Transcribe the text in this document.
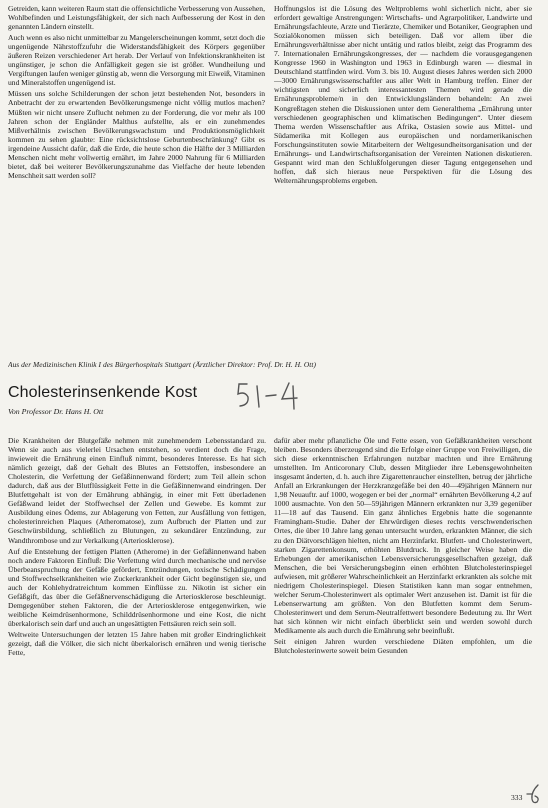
Getreiden, kann weiteren Raum statt die offensichtliche Verbesserung von Aussehen, Wohlbefinden und Leistungsfähigkeit, der sich nach Aufbesserung der Kost in den genannten Ländern einstellt.

Auch wenn es also nicht unmittelbar zu Mangelerscheinungen kommt, setzt doch die ungenügende Nährstoffzufuhr die Widerstandsfähigkeit des Körpers gegenüber äußeren Reizen verschiedener Art herab. Der Verlauf von Infektionskrankheiten ist ungünstiger, je schon die Anfälligkeit gegen sie ist größer. Wundheilung und Vergiftungen laufen weniger günstig ab, wenn die Versorgung mit Eiweiß, Vitaminen und Mineralstoffen ungenügend ist.

Müssen uns solche Schilderungen der schon jetzt bestehenden Not, besonders in Anbetracht der zu erwartenden Bevölkerungsmenge nicht völlig mutlos machen? Müßten wir nicht unsere Zuflucht nehmen zu der Forderung, die vor mehr als 100 Jahren schon der Engländer Malthus aufstellte, als er ein zunehmendes Mißverhältnis zwischen Bevölkerungswachstum und Produktionsmöglichkeit kommen zu sehen glaubte: Eine rücksichtslose Geburtenbeschränkung? Gibt es irgendeine Aussicht dafür, daß die Erde, die heute schon die Hälfte der 3 Milliarden Menschen nicht mehr vollwertig ernährt, im Jahre 2000 Nahrung für 6 Milliarden bietet, daß bei weiterer Bevölkerungszunahme das Vielfache der heute lebenden Menschheit satt werden soll?

Hoffnungslos ist die Lösung des Weltproblems wohl sicherlich nicht, aber sie erfordert gewaltige Anstrengungen: Wirtschafts- und Agrarpolitiker, Landwirte und Ernährungsfachleute, Arzte und Tierärzte, Chemiker und Botaniker, Geographen und Sozialökonomen müssen sich beteiligen. Daß vor allem über die Ernährungsverhältnisse aber nicht untätig und ratlos bleibt, zeigt das Programm des 7. Internationalen Ernährungskongresses, der — nachdem die vorausgegangenen Kongresse 1960 in Washington und 1963 in Edinburgh waren — diesmal in Deutschland stattfinden wird. Vom 3. bis 10. August dieses Jahres werden sich 2000—3000 Ernährungswissenschaftler aus aller Welt in Hamburg treffen. Einer der wichtigsten und sicherlich interessantesten Themen wird gerade die Ernährungsprobleme/n in den Entwicklungsländern behandeln: An zwei Kongreßtagen stehen die Diskussionen unter dem Generalthema „Ernährung unter verschiedenen geographischen und klimatischen Bedingungen“. Unter diesem Thema werden Wissenschaftler aus Afrika, Ostasien sowie aus Mittel- und Südamerika mit Kollegen aus europäischen und nordamerikanischen Forschungsinstituten sowie Mitarbeitern der Weltgesundheitsorganisation und der Ernährungs- und Landwirtschaftsorganisation der Vereinten Nationen diskutieren. Gespannt wird man den Schlußfolgerungen dieser Tagung entgegensehen und hoffen, daß sich hieraus neue Perspektiven für die Lösung des Welternährungsproblems ergeben.

Aus der Medizinischen Klinik I des Bürgerhospitals Stuttgart (Ärztlicher Direktor: Prof. Dr. H. H. Ott)
Cholesterinsenkende Kost
Von Professor Dr. Hans H. Ott

Die Krankheiten der Blutgefäße nehmen mit zunehmendem Lebensstandard zu. Wenn sie auch aus vielerlei Ursachen entstehen, so verdient doch die Frage, inwieweit die Ernährung einen Einfluß nimmt, besonderes Interesse. Es hat sich nämlich gezeigt, daß der Gehalt des Blutes an Fettstoffen, insbesondere an Cholesterin, die Verfettung der Gefäßinnenwand fördert; zum Teil allein schon dadurch, daß aus der Blutflüssigkeit Fette in die Gefäßinnenwand eindringen. Der Blutfettgehalt ist von der Ernährung abhängig, in einer mit Fett überladenen Gefäßwand leidet der Stoffwechsel der Zellen und Gewebe. Es kommt zur Ausbildung eines Ödems, zur Ablagerung von Fetten, zur Ausfällung von fettigen, cholesterinreichen Plaques (Atheromatose), zum Aufbruch der Platten und zur Geschwürsbildung, schließlich zu Blutungen, zu sekundärer Entzündung, zur Wandthrombose und zur Verkalkung (Arteriosklerose).

Auf die Entstehung der fettigen Platten (Atherome) in der Gefäßinnenwand haben noch andere Faktoren Einfluß: Die Verfettung wird durch mechanische und nervöse Überbeanspruchung der Gefäße gefördert, Entzündungen, toxische Schädigungen und Stoffwechselkrankheiten wie Zuckerkrankheit oder Gicht begünstigen sie, und auch der Kohlehydratreichtum kommen Einflüsse zu. Nikotin ist sicher ein Gefäßgift, das über die Gefäßnervenschädigung die Arteriosklerose beschleunigt. Demgegenüber stehen Faktoren, die der Arteriosklerose entgegenwirken, wie weibliche Keimdrüsenhormone, Schilddrüsenhormone und eine Kost, die nicht überkalorisch sein darf und auch an ungesättigten Fettsäuren reich sein soll.

Weltweite Untersuchungen der letzten 15 Jahre haben mit großer Eindringlichkeit gezeigt, daß die Völker, die sich nicht überkalorisch ernähren und wenig tierische Fette,

dafür aber mehr pflanzliche Öle und Fette essen, von Gefäßkrankheiten verschont bleiben. Besonders überzeugend sind die Erfolge einer Gruppe von Freiwilligen, die sich diese erkenntnischen Erfahrungen nutzbar machten und ihre Ernährung umstellten. Im Anticoronary Club, dessen Mitglieder ihre Lebensgewohnheiten insgesamt änderten, d. h. auch ihre Zigarettenraucher einstellten, betrug der jährliche Anfall an Erkrankungen der Herzkranzgefäße bei den 40—49jährigen Männern nur 1,98 Neuauftr. auf 1000, wogegen er bei der „normal“ ernährten Bevölkerung 4,2 auf 1000 ausmachte. Von den 50—59jährigen Männern erkrankten nur 3,39 gegenüber 11—18 auf das Tausend. Ein ganz ähnliches Ergebnis hatte die sogenannte Framingham-Studie. Daher der Ehrwürdigen dieses rechts verschwenderischen Ortes, die über 10 Jahre lang genau untersucht wurden, erkrankten Männer, die sich zu den Diätvorschlägen hielten, nicht am Herzinfarkt. Blutfett- und Cholesterinwert, starken Zigarettenkonsum, erhöhten Blutdruck. In gleicher Weise haben die Erhebungen der amerikanischen Lebensversicherungsgesellschaften gezeigt, daß Menschen, die bei Versicherungsbeginn einen erhöhten Blutcholesterinspiegel aufwiesen, mit größerer Wahrscheinlichkeit an Herzinfarkt erkrankten als solche mit niedrigem Cholesterinspiegel. Diesen Statistiken kann man sogar entnehmen, welcher Serum-Cholesterinwert als optimaler Wert anzusehen ist. Damit ist für die Lebenserwartung am größten. Von den Blutfetten kommt dem Serum-Cholesterinwert und dem Serum-Neutralfettwert besondere Bedeutung zu. Ihr Wert hat sich können wir nicht einfach überblickt sein und werden sowohl durch Medikamente als auch durch die Ernährung sehr beeinflußt.

Seit einigen Jahren wurden verschiedene Diäten empfohlen, um die Blutcholesterinwerte soweit beim Gesunden

333
